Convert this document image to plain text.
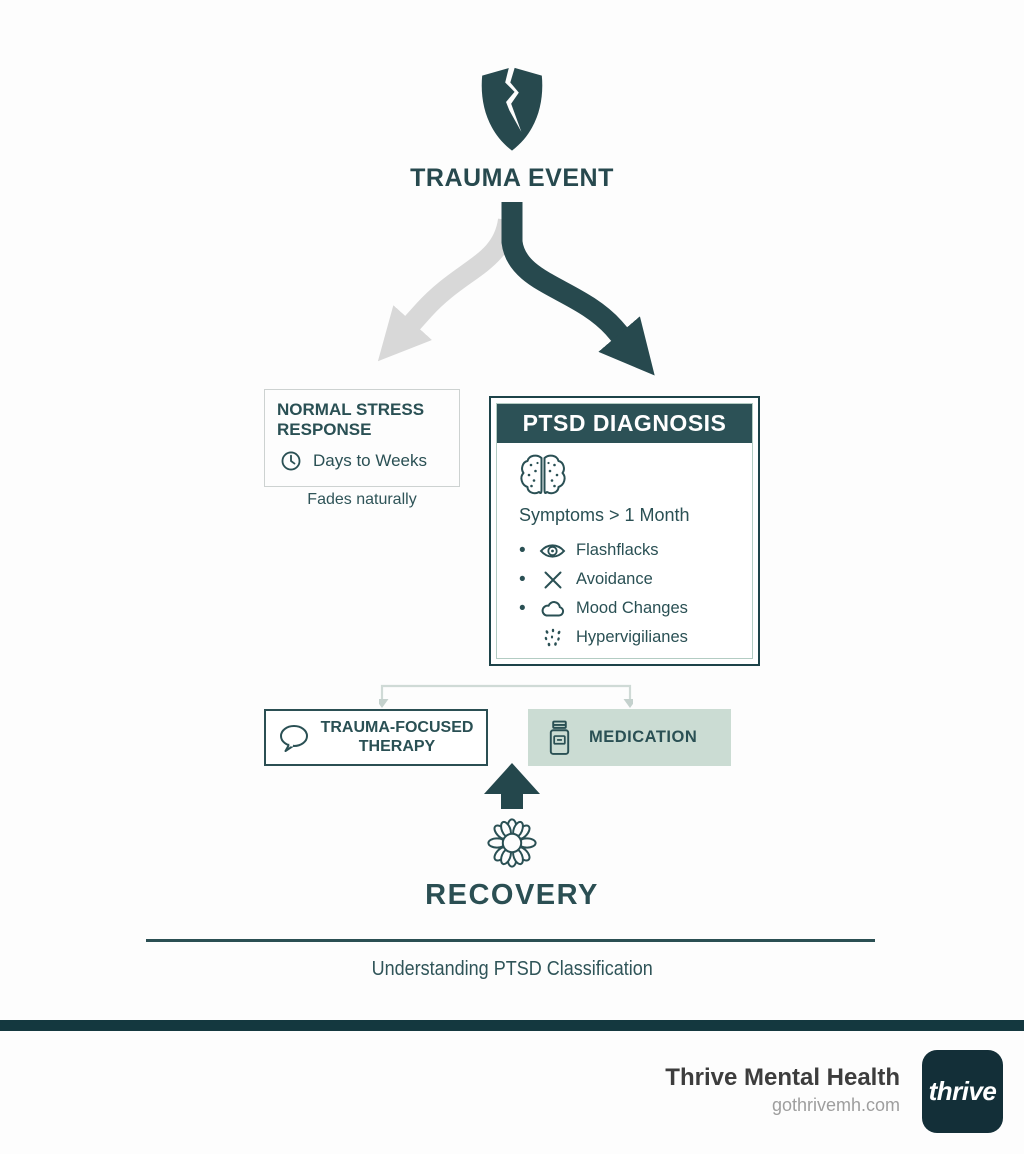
TRAUMA EVENT
NORMAL STRESS RESPONSE
Days to Weeks
Fades naturally
PTSD DIAGNOSIS
Symptoms > 1 Month
•	Flashflacks
•	Avoidance
•	Mood Changes
Hypervigilianes
TRAUMA-FOCUSED THERAPY	MEDICATION
RECOVERY
Understanding PTSD Classification
Thrive Mental Health
gothrivemh.com thrive
